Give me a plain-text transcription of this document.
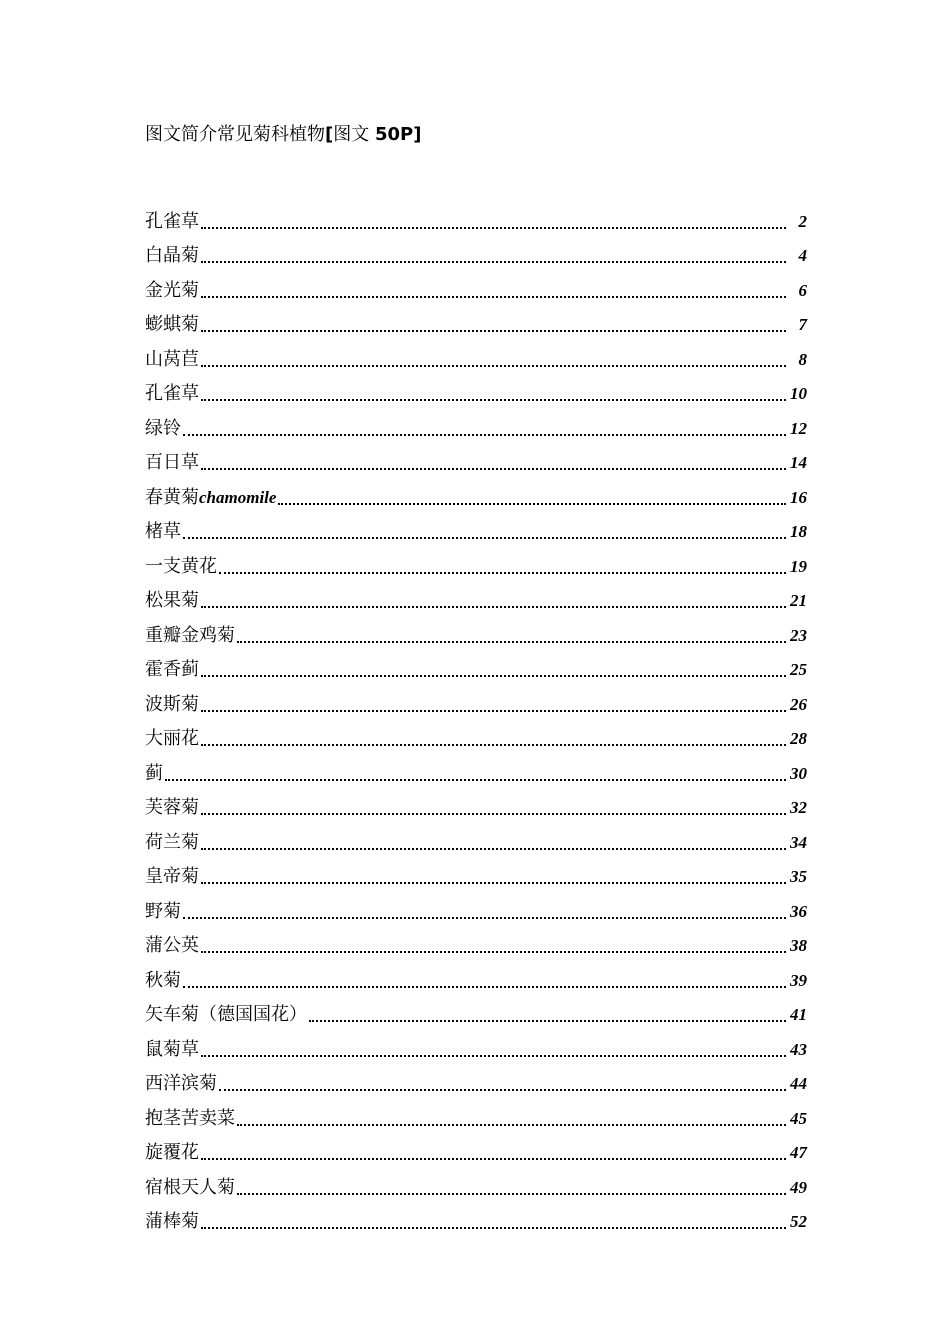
图文简介常见菊科植物[图文 50P]
孔雀草	2
白晶菊	4
金光菊	6
蟛蜞菊	7
山莴苣	8
孔雀草	10
绿铃	12
百日草	14
春黄菊chamomile	16
楮草	18
一支黄花	19
松果菊	21
重瓣金鸡菊	23
霍香蓟	25
波斯菊	26
大丽花	28
蓟	30
芙蓉菊	32
荷兰菊	34
皇帝菊	35
野菊	36
蒲公英	38
秋菊	39
矢车菊（德国国花）	41
鼠菊草	43
西洋滨菊	44
抱茎苦卖菜	45
旋覆花	47
宿根天人菊	49
蒲棒菊	52
